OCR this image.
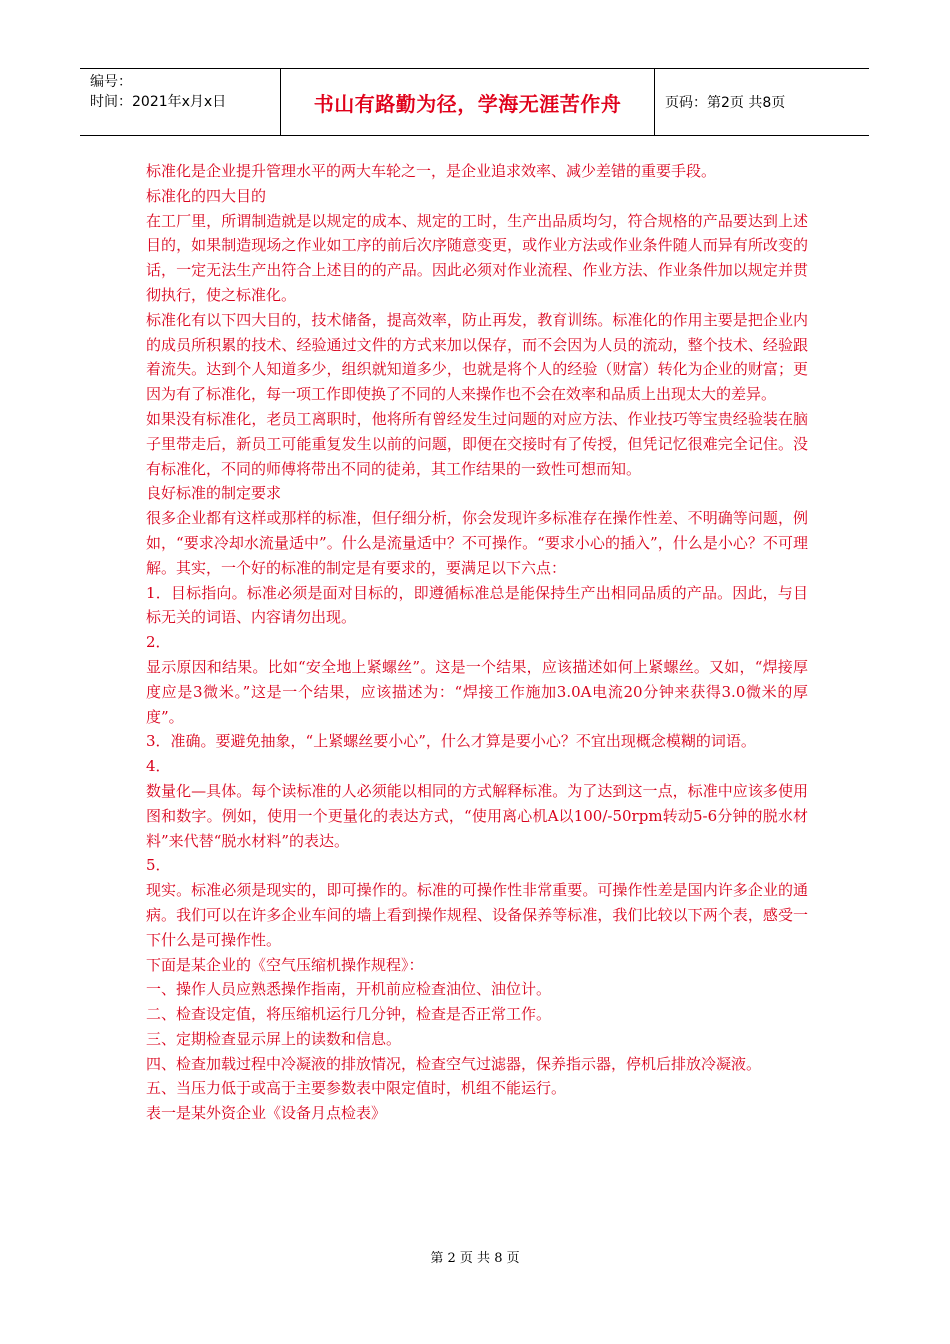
编号：
时间：2021年x月x日	书山有路勤为径，学海无涯苦作舟	页码：第2页 共8页

标准化是企业提升管理水平的两大车轮之一，是企业追求效率、减少差错的重要手段。

标准化的四大目的

在工厂里，所谓制造就是以规定的成本、规定的工时，生产出品质均匀，符合规格的产品要达到上述目的，如果制造现场之作业如工序的前后次序随意变更，或作业方法或作业条件随人而异有所改变的话，一定无法生产出符合上述目的的产品。因此必须对作业流程、作业方法、作业条件加以规定并贯彻执行，使之标准化。

标准化有以下四大目的，技术储备，提高效率，防止再发，教育训练。标准化的作用主要是把企业内的成员所积累的技术、经验通过文件的方式来加以保存，而不会因为人员的流动，整个技术、经验跟着流失。达到个人知道多少，组织就知道多少，也就是将个人的经验（财富）转化为企业的财富；更因为有了标准化，每一项工作即使换了不同的人来操作也不会在效率和品质上出现太大的差异。

如果没有标准化，老员工离职时，他将所有曾经发生过问题的对应方法、作业技巧等宝贵经验装在脑子里带走后，新员工可能重复发生以前的问题，即便在交接时有了传授，但凭记忆很难完全记住。没有标准化，不同的师傅将带出不同的徒弟，其工作结果的一致性可想而知。

良好标准的制定要求

很多企业都有这样或那样的标准，但仔细分析，你会发现许多标准存在操作性差、不明确等问题，例如，“要求冷却水流量适中”。什么是流量适中？不可操作。“要求小心的插入”，什么是小心？不可理解。其实，一个好的标准的制定是有要求的，要满足以下六点：

1．目标指向。标准必须是面对目标的，即遵循标准总是能保持生产出相同品质的产品。因此，与目标无关的词语、内容请勿出现。

2．

显示原因和结果。比如“安全地上紧螺丝”。这是一个结果，应该描述如何上紧螺丝。又如，“焊接厚度应是3微米。”这是一个结果，应该描述为：“焊接工作施加3.0A电流20分钟来获得3.0微米的厚度”。

3．准确。要避免抽象，“上紧螺丝要小心”，什么才算是要小心？不宜出现概念模糊的词语。

4．

数量化—具体。每个读标准的人必须能以相同的方式解释标准。为了达到这一点，标准中应该多使用图和数字。例如，使用一个更量化的表达方式，“使用离心机A以100/-50rpm转动5-6分钟的脱水材料”来代替“脱水材料”的表达。

5．

现实。标准必须是现实的，即可操作的。标准的可操作性非常重要。可操作性差是国内许多企业的通病。我们可以在许多企业车间的墙上看到操作规程、设备保养等标准，我们比较以下两个表，感受一下什么是可操作性。

下面是某企业的《空气压缩机操作规程》：

一、操作人员应熟悉操作指南，开机前应检查油位、油位计。

二、检查设定值，将压缩机运行几分钟，检查是否正常工作。

三、定期检查显示屏上的读数和信息。

四、检查加载过程中冷凝液的排放情况，检查空气过滤器，保养指示器，停机后排放冷凝液。

五、当压力低于或高于主要参数表中限定值时，机组不能运行。

表一是某外资企业《设备月点检表》

第 2 页 共 8 页
